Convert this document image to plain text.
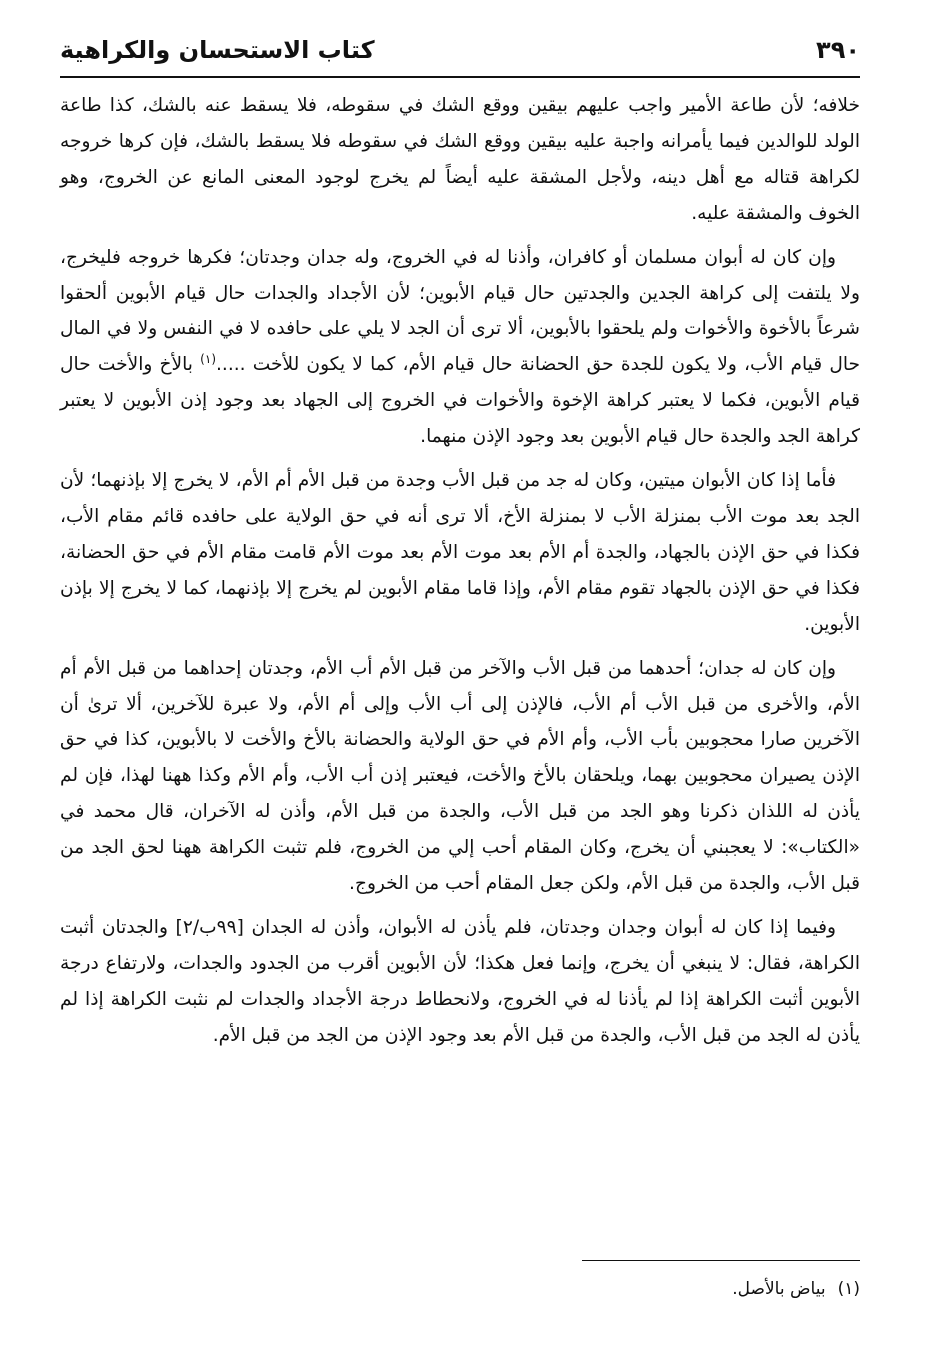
٣٩٠
كتاب الاستحسان والكراهية

خلافه؛ لأن طاعة الأمير واجب عليهم بيقين ووقع الشك في سقوطه، فلا يسقط عنه بالشك، كذا طاعة الولد للوالدين فيما يأمرانه واجبة عليه بيقين ووقع الشك في سقوطه فلا يسقط بالشك، فإن كرها خروجه لكراهة قتاله مع أهل دينه، ولأجل المشقة عليه أيضاً لم يخرج لوجود المعنى المانع عن الخروج، وهو الخوف والمشقة عليه.

وإن كان له أبوان مسلمان أو كافران، وأذنا له في الخروج، وله جدان وجدتان؛ فكرها خروجه فليخرج، ولا يلتفت إلى كراهة الجدين والجدتين حال قيام الأبوين؛ لأن الأجداد والجدات حال قيام الأبوين ألحقوا شرعاً بالأخوة والأخوات ولم يلحقوا بالأبوين، ألا ترى أن الجد لا يلي على حافده لا في النفس ولا في المال حال قيام الأب، ولا يكون للجدة حق الحضانة حال قيام الأم، كما لا يكون للأخت .....$^{(١)}$ بالأخ والأخت حال قيام الأبوين، فكما لا يعتبر كراهة الإخوة والأخوات في الخروج إلى الجهاد بعد وجود إذن الأبوين لا يعتبر كراهة الجد والجدة حال قيام الأبوين بعد وجود الإذن منهما.

فأما إذا كان الأبوان ميتين، وكان له جد من قبل الأب وجدة من قبل الأم أم الأم، لا يخرج إلا بإذنهما؛ لأن الجد بعد موت الأب بمنزلة الأب لا بمنزلة الأخ، ألا ترى أنه في حق الولاية على حافده قائم مقام الأب، فكذا في حق الإذن بالجهاد، والجدة أم الأم بعد موت الأم بعد موت الأم قامت مقام الأم في حق الحضانة، فكذا في حق الإذن بالجهاد تقوم مقام الأم، وإذا قاما مقام الأبوين لم يخرج إلا بإذنهما، كما لا يخرج إلا بإذن الأبوين.

وإن كان له جدان؛ أحدهما من قبل الأب والآخر من قبل الأم أب الأم، وجدتان إحداهما من قبل الأم أم الأم، والأخرى من قبل الأب أم الأب، فالإذن إلى أب الأب وإلى أم الأم، ولا عبرة للآخرين، ألا ترىٰ أن الآخرين صارا محجوبين بأب الأب، وأم الأم في حق الولاية والحضانة بالأخ والأخت لا بالأبوين، كذا في حق الإذن يصيران محجوبين بهما، ويلحقان بالأخ والأخت، فيعتبر إذن أب الأب، وأم الأم وكذا ههنا لهذا، فإن لم يأذن له اللذان ذكرنا وهو الجد من قبل الأب، والجدة من قبل الأم، وأذن له الآخران، قال محمد في «الكتاب»: لا يعجبني أن يخرج، وكان المقام أحب إلي من الخروج، فلم تثبت الكراهة ههنا لحق الجد من قبل الأب، والجدة من قبل الأم، ولكن جعل المقام أحب من الخروج.

وفيما إذا كان له أبوان وجدان وجدتان، فلم يأذن له الأبوان، وأذن له الجدان [٩٩ب/٢] والجدتان أثبت الكراهة، فقال: لا ينبغي أن يخرج، وإنما فعل هكذا؛ لأن الأبوين أقرب من الجدود والجدات، ولارتفاع درجة الأبوين أثبت الكراهة إذا لم يأذنا له في الخروج، ولانحطاط درجة الأجداد والجدات لم نثبت الكراهة إذا لم يأذن له الجد من قبل الأب، والجدة من قبل الأم بعد وجود الإذن من الجد من قبل الأم.

(١)
بياض بالأصل.
